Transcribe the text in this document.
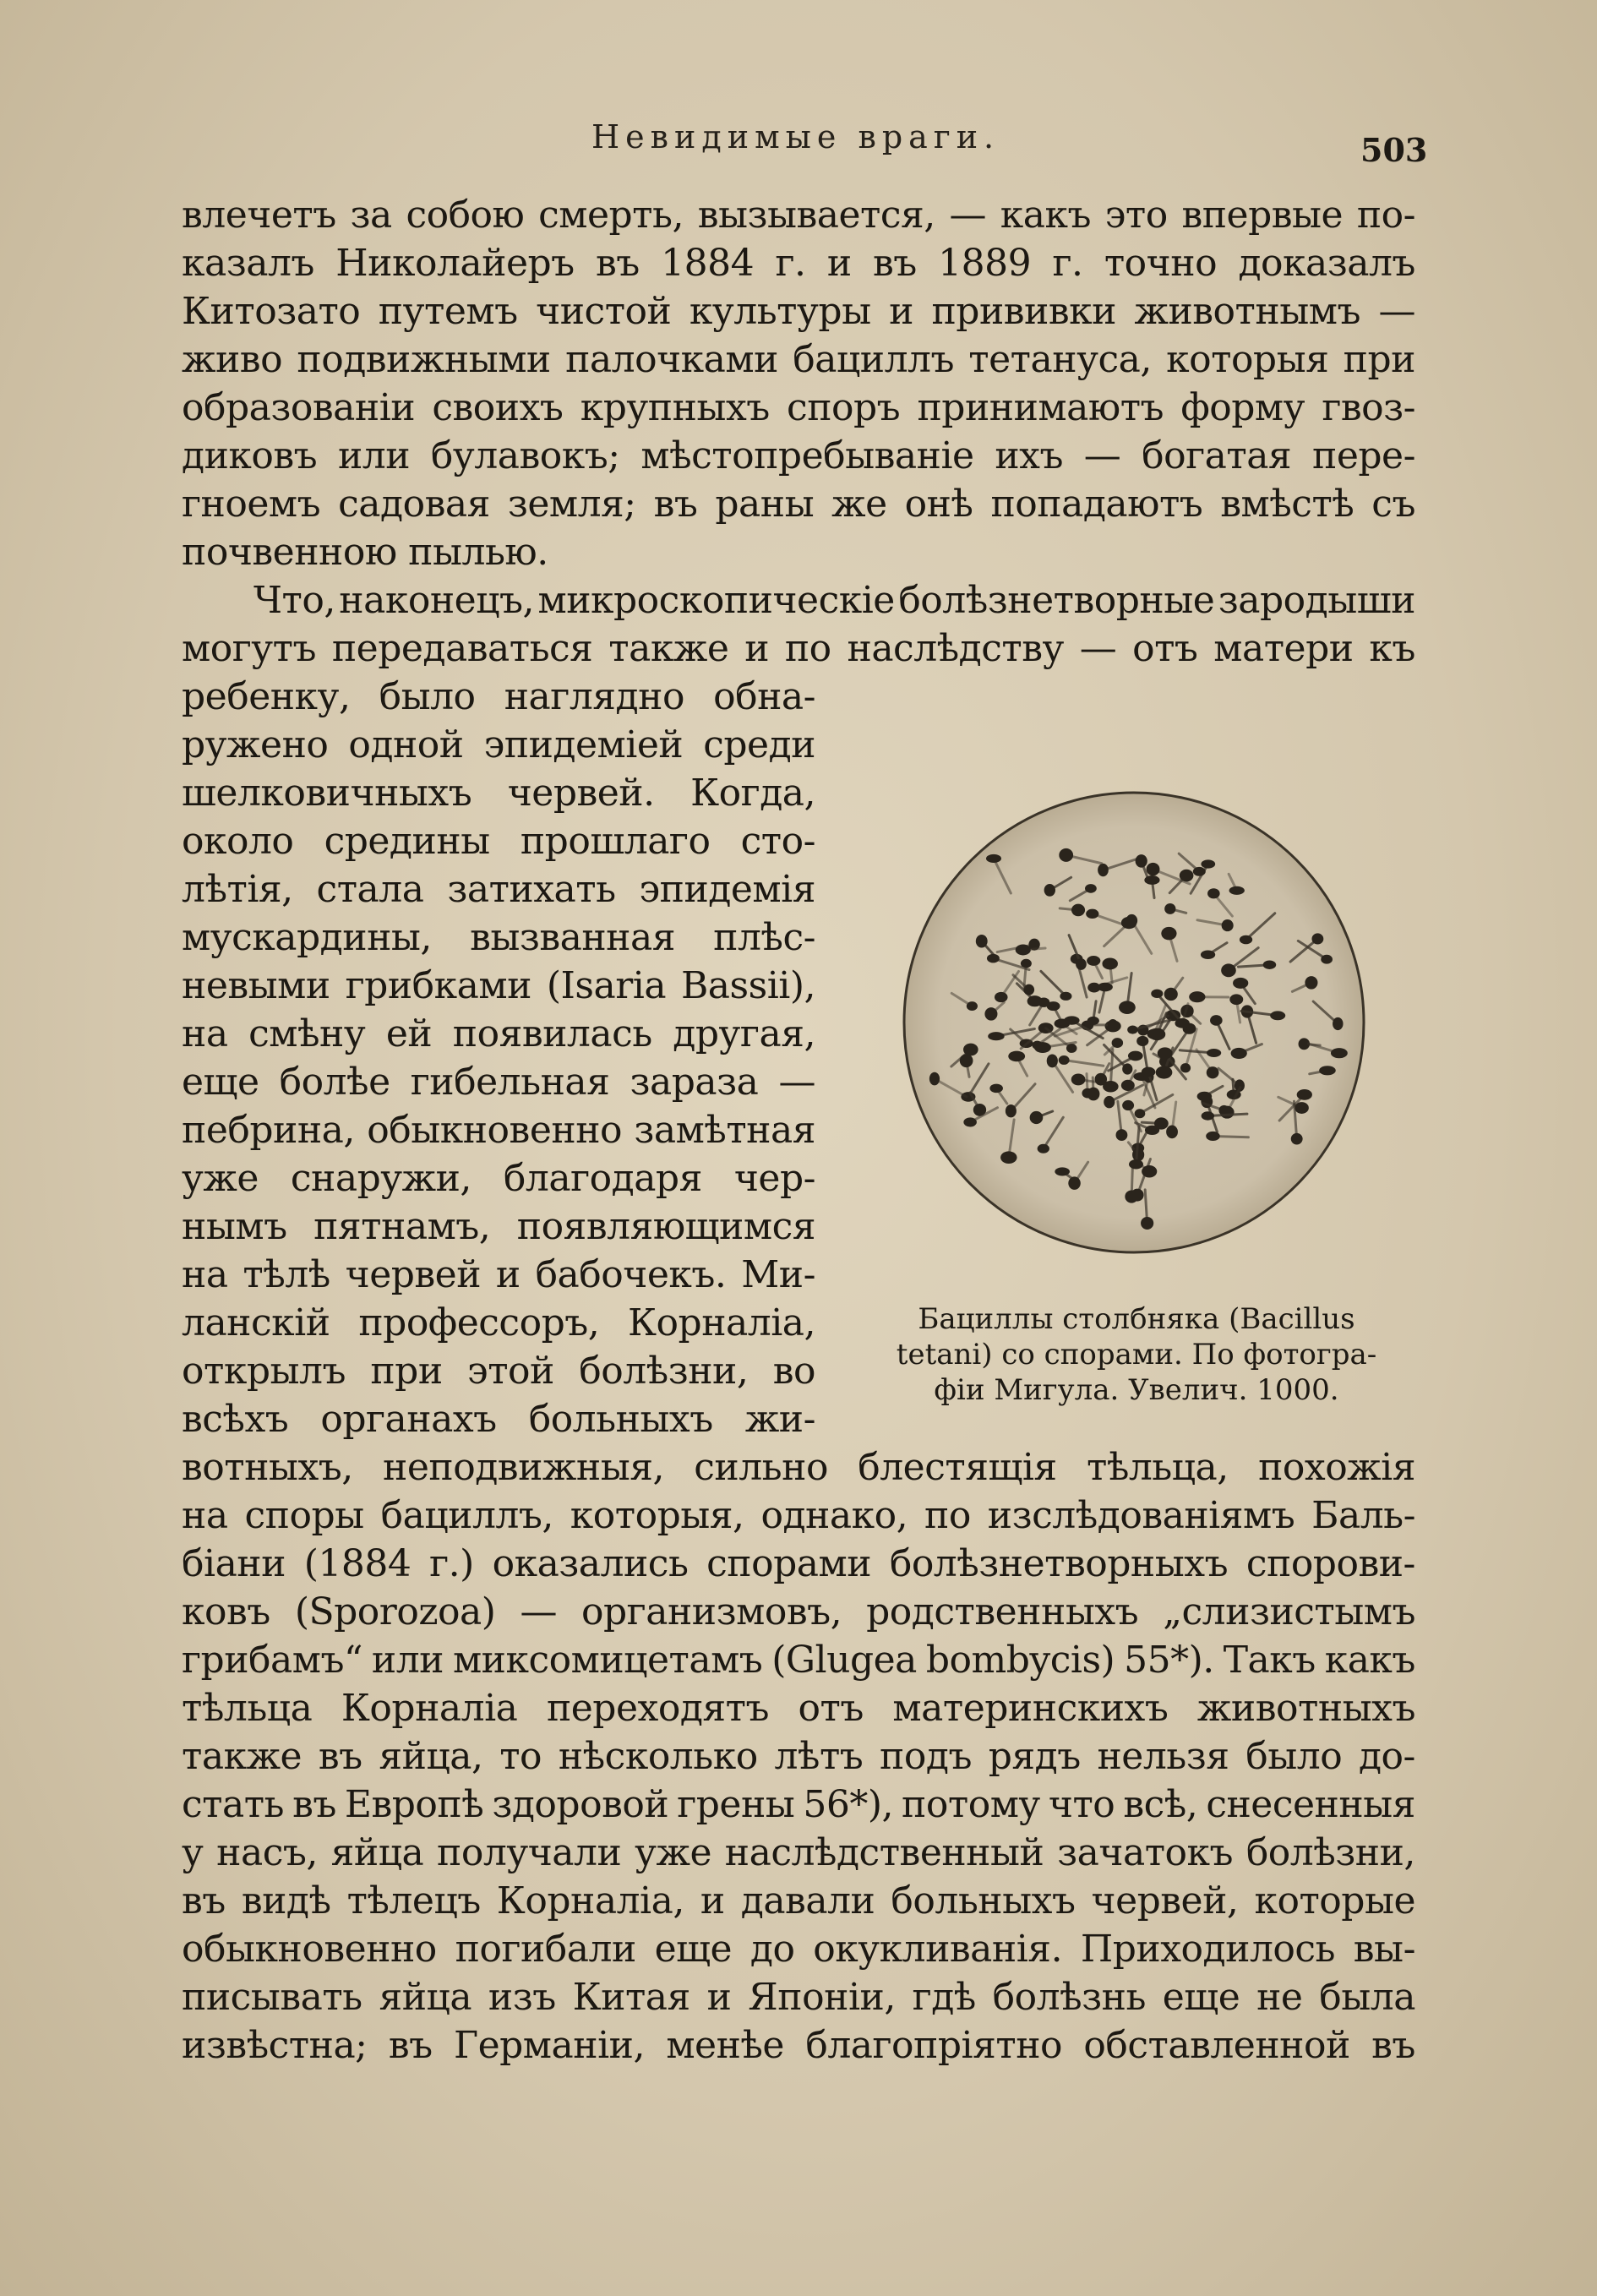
Невидимые враги.	503

влечетъ за собою смерть, вызывается, — какъ это впервые по-

казалъ Николайеръ въ 1884 г. и въ 1889 г. точно доказалъ

Китозато путемъ чистой культуры и прививки животнымъ —

живо подвижными палочками бациллъ тетануса, которыя при

образованіи своихъ крупныхъ споръ принимаютъ форму гвоз-

диковъ или булавокъ; мѣстопребываніе ихъ — богатая пере-

гноемъ садовая земля; въ раны же онѣ попадаютъ вмѣстѣ съ

почвенною пылью.

Что, наконецъ, микроскопическіе болѣзнетворные зародыши

могутъ передаваться также и по наслѣдству — отъ матери къ

ребенку, было наглядно обна-

ружено одной эпидеміей среди

шелковичныхъ червей. Когда,

около средины прошлаго сто-

лѣтія, стала затихать эпидемія

мускардины, вызванная плѣс-

невыми грибками (Isaria Bassii),

на смѣну ей появилась другая,

еще болѣе гибельная зараза —

пебрина, обыкновенно замѣтная

уже снаружи, благодаря чер-

нымъ пятнамъ, появляющимся

на тѣлѣ червей и бабочекъ. Ми-

ланскій профессоръ, Корналіа,

открылъ при этой болѣзни, во

всѣхъ органахъ больныхъ жи-

Бациллы столбняка (Bacillus
tetani) со спорами. По фотогра-
фіи Мигула. Увелич. 1000.

вотныхъ, неподвижныя, сильно блестящія тѣльца, похожія

на споры бациллъ, которыя, однако, по изслѣдованіямъ Баль-

біани (1884 г.) оказались спорами болѣзнетворныхъ спорови-

ковъ (Sporozoa) — организмовъ, родственныхъ „слизистымъ

грибамъ“ или миксомицетамъ (Glugea bombycis) 55*). Такъ какъ

тѣльца Корналіа переходятъ отъ материнскихъ животныхъ

также въ яйца, то нѣсколько лѣтъ подъ рядъ нельзя было до-

стать въ Европѣ здоровой грены 56*), потому что всѣ, снесенныя

у насъ, яйца получали уже наслѣдственный зачатокъ болѣзни,

въ видѣ тѣлецъ Корналіа, и давали больныхъ червей, которые

обыкновенно погибали еще до окукливанія. Приходилось вы-

писывать яйца изъ Китая и Японіи, гдѣ болѣзнь еще не была

извѣстна; въ Германіи, менѣе благопріятно обставленной въ
